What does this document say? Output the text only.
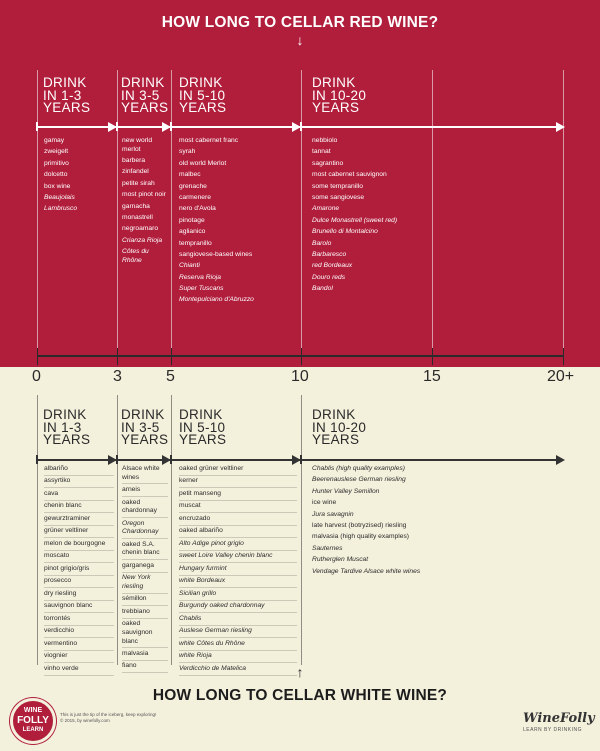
HOW LONG TO CELLAR RED WINE?
↓
DRINK
IN 1-3
YEARS
DRINK
IN 3-5
YEARS
DRINK
IN 5-10
YEARS
DRINK
IN 10-20
YEARS
gamay
zweigelt
primitivo
dolcetto
box wine
Beaujolais
Lambrusco
new world merlot
barbera
zinfandel
petite sirah
most pinot noir
garnacha
monastrell
negroamaro
Crianza Rioja
Côtes du Rhône
most cabernet franc
syrah
old world Merlot
malbec
grenache
carmenere
nero d'Avola
pinotage
aglianico
tempranillo
sangiovese-based wines
Chianti
Reserva Rioja
Super Tuscans
Montepulciano d'Abruzzo
nebbiolo
tannat
sagrantino
most cabernet sauvignon
some tempranillo
some sangiovese
Amarone
Dulce Monastrell (sweet red)
Brunello di Montalcino
Barolo
Barbaresco
red Bordeaux
Douro reds
Bandol
DRINK
IN 1-3
YEARS
DRINK
IN 3-5
YEARS
DRINK
IN 5-10
YEARS
DRINK
IN 10-20
YEARS
albariño
assyrtiko
cava
chenin blanc
gewurztraminer
grüner veltliner
melon de bourgogne
moscato
pinot grigio/gris
prosecco
dry riesling
sauvignon blanc
torrontés
verdicchio
vermentino
viognier
vinho verde
Alsace white wines
arneis
oaked chardonnay
Oregon Chardonnay
oaked S.A. chenin blanc
garganega
New York riesling
sémillon
trebbiano
oaked sauvignon blanc
malvasia
fiano
oaked grüner veltliner
kerner
petit manseng
muscat
encruzado
oaked albariño
Alto Adige pinot grigio
sweet Loire Valley chenin blanc
Hungary furmint
white Bordeaux
Sicilian grillo
Burgundy oaked chardonnay
Chablis
Auslese German riesling
white Côtes du Rhône
white Rioja
Verdicchio de Matelica
Chablis (high quality examples)
Beerenauslese German riesling
Hunter Valley Semillon
ice wine
Jura savagnin
late harvest (botryzised) riesling
malvasia (high quality examples)
Sauternes
Rutherglen Muscat
Vendage Tardive Alsace white wines
0	3	5	10	15	20+
↑
HOW LONG TO CELLAR WHITE WINE?
WINE
FOLLY
LEARN
This is just the tip of the iceberg, keep exploring!
© 2015, by winefolly.com	WineFolly
LEARN BY DRINKING
